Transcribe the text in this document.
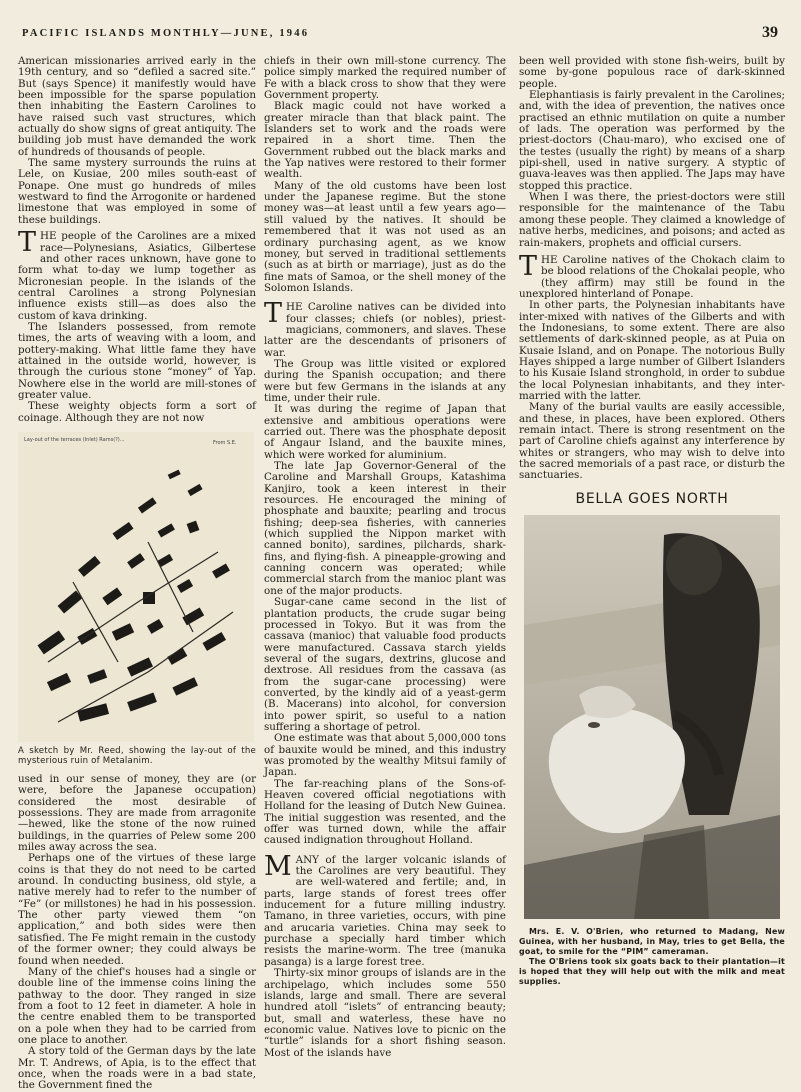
PACIFIC ISLANDS MONTHLY—JUNE, 1946	39

American missionaries arrived early in the 19th century, and so “defiled a sacred site.” But (says Spence) it manifestly would have been impossible for the sparse population then inhabiting the Eastern Carolines to have raised such vast structures, which actually do show signs of great antiquity. The building job must have demanded the work of hundreds of thousands of people.

The same mystery surrounds the ruins at Lele, on Kusiae, 200 miles south-east of Ponape. One must go hundreds of miles westward to find the Arrogonite or hardened limestone that was employed in some of these buildings.

THE people of the Carolines are a mixed race—Polynesians, Asiatics, Gilbertese and other races unknown, have gone to form what to-day we lump together as Micronesian people. In the islands of the central Carolines a strong Polynesian influence exists still—as does also the custom of kava drinking.

The Islanders possessed, from remote times, the arts of weaving with a loom, and pottery-making. What little fame they have attained in the outside world, however, is through the curious stone “money” of Yap. Nowhere else in the world are mill-stones of greater value.

These weighty objects form a sort of coinage. Although they are not now

Lay-out of the terraces (Inlet) Rams(?)...	From S.E.
A sketch by Mr. Reed, showing the lay-out of the mysterious ruin of Metalanim.

used in our sense of money, they are (or were, before the Japanese occupation) considered the most desirable of possessions. They are made from arragonite—hewed, like the stone of the now ruined buildings, in the quarries of Pelew some 200 miles away across the sea.

Perhaps one of the virtues of these large coins is that they do not need to be carted around. In conducting business, old style, a native merely had to refer to the number of “Fe” (or millstones) he had in his possession. The other party viewed them “on application,” and both sides were then satisfied. The Fe might remain in the custody of the former owner; they could always be found when needed.

Many of the chief's houses had a single or double line of the immense coins lining the pathway to the door. They ranged in size from a foot to 12 feet in diameter. A hole in the centre enabled them to be transported on a pole when they had to be carried from one place to another.

A story told of the German days by the late Mr. T. Andrews, of Apia, is to the effect that once, when the roads were in a bad state, the Government fined the

chiefs in their own mill-stone currency. The police simply marked the required number of Fe with a black cross to show that they were Government property.

Black magic could not have worked a greater miracle than that black paint. The Islanders set to work and the roads were repaired in a short time. Then the Government rubbed out the black marks and the Yap natives were restored to their former wealth.

Many of the old customs have been lost under the Japanese regime. But the stone money was—at least until a few years ago—still valued by the natives. It should be remembered that it was not used as an ordinary purchasing agent, as we know money, but served in traditional settlements (such as at birth or marriage), just as do the fine mats of Samoa, or the shell money of the Solomon Islands.

THE Caroline natives can be divided into four classes; chiefs (or nobles), priest-magicians, commoners, and slaves. These latter are the descendants of prisoners of war.

The Group was little visited or explored during the Spanish occupation; and there were but few Germans in the islands at any time, under their rule.

It was during the regime of Japan that extensive and ambitious operations were carried out. There was the phosphate deposit of Angaur Island, and the bauxite mines, which were worked for aluminium.

The late Jap Governor-General of the Caroline and Marshall Groups, Katashima Kanjiro, took a keen interest in their resources. He encouraged the mining of phosphate and bauxite; pearling and trocus fishing; deep-sea fisheries, with canneries (which supplied the Nippon market with canned bonito), sardines, pilchards, shark-fins, and flying-fish. A pineapple-growing and canning concern was operated; while commercial starch from the manioc plant was one of the major products.

Sugar-cane came second in the list of plantation products, the crude sugar being processed in Tokyo. But it was from the cassava (manioc) that valuable food products were manufactured. Cassava starch yields several of the sugars, dextrins, glucose and dextrose. All residues from the cassava (as from the sugar-cane processing) were converted, by the kindly aid of a yeast-germ (B. Macerans) into alcohol, for conversion into power spirit, so useful to a nation suffering a shortage of petrol.

One estimate was that about 5,000,000 tons of bauxite would be mined, and this industry was promoted by the wealthy Mitsui family of Japan.

The far-reaching plans of the Sons-of-Heaven covered official negotiations with Holland for the leasing of Dutch New Guinea. The initial suggestion was resented, and the offer was turned down, while the affair caused indignation throughout Holland.

MANY of the larger volcanic islands of the Carolines are very beautiful. They are well-watered and fertile; and, in parts, large stands of forest trees offer inducement for a future milling industry. Tamano, in three varieties, occurs, with pine and arucaria varieties. China may seek to purchase a specially hard timber which resists the marine-worm. The tree (manuka pasanga) is a large forest tree.

Thirty-six minor groups of islands are in the archipelago, which includes some 550 islands, large and small. There are several hundred atoll “islets” of entrancing beauty; but, small and waterless, these have no economic value. Natives love to picnic on the “turtle” islands for a short fishing season. Most of the islands have

been well provided with stone fish-weirs, built by some by-gone populous race of dark-skinned people.

Elephantiasis is fairly prevalent in the Carolines; and, with the idea of prevention, the natives once practised an ethnic mutilation on quite a number of lads. The operation was performed by the priest-doctors (Chau-maro), who excised one of the testes (usually the right) by means of a sharp pipi-shell, used in native surgery. A styptic of guava-leaves was then applied. The Japs may have stopped this practice.

When I was there, the priest-doctors were still responsible for the maintenance of the Tabu among these people. They claimed a knowledge of native herbs, medicines, and poisons; and acted as rain-makers, prophets and official cursers.

THE Caroline natives of the Chokach claim to be blood relations of the Chokalai people, who (they affirm) may still be found in the unexplored hinterland of Ponape.

In other parts, the Polynesian inhabitants have inter-mixed with natives of the Gilberts and with the Indonesians, to some extent. There are also settlements of dark-skinned people, as at Puia on Kusaie Island, and on Ponape. The notorious Bully Hayes shipped a large number of Gilbert Islanders to his Kusaie Island stronghold, in order to subdue the local Polynesian inhabitants, and they inter-married with the latter.

Many of the burial vaults are easily accessible, and these, in places, have been explored. Others remain intact. There is strong resentment on the part of Caroline chiefs against any interference by whites or strangers, who may wish to delve into the sacred memorials of a past race, or disturb the sanctuaries.

BELLA GOES NORTH

Mrs. E. V. O'Brien, who returned to Madang, New Guinea, with her husband, in May, tries to get Bella, the goat, to smile for the “PIM” cameraman.

The O'Briens took six goats back to their plantation—it is hoped that they will help out with the milk and meat supplies.
